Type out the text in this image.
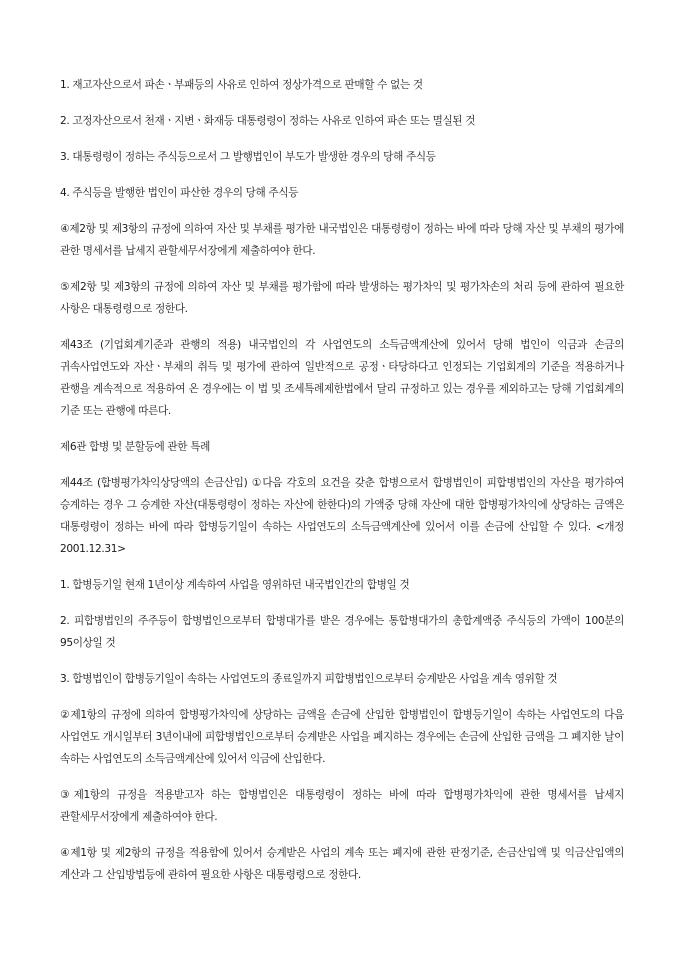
1. 재고자산으로서 파손ㆍ부패등의 사유로 인하여 정상가격으로 판매할 수 없는 것

2. 고정자산으로서 천재ㆍ지변ㆍ화재등 대통령령이 정하는 사유로 인하여 파손 또는 멸실된 것

3. 대통령령이 정하는 주식등으로서 그 발행법인이 부도가 발생한 경우의 당해 주식등

4. 주식등을 발행한 법인이 파산한 경우의 당해 주식등

④제2항 및 제3항의 규정에 의하여 자산 및 부채를 평가한 내국법인은 대통령령이 정하는 바에 따라 당해 자산 및 부채의 평가에 관한 명세서를 납세지 관할세무서장에게 제출하여야 한다.

⑤제2항 및 제3항의 규정에 의하여 자산 및 부채를 평가함에 따라 발생하는 평가차익 및 평가차손의 처리 등에 관하여 필요한 사항은 대통령령으로 정한다.

제43조 (기업회계기준과 관행의 적용) 내국법인의 각 사업연도의 소득금액계산에 있어서 당해 법인이 익금과 손금의 귀속사업연도와 자산ㆍ부채의 취득 및 평가에 관하여 일반적으로 공정ㆍ타당하다고 인정되는 기업회계의 기준을 적용하거나 관행을 계속적으로 적용하여 온 경우에는 이 법 및 조세특례제한법에서 달리 규정하고 있는 경우를 제외하고는 당해 기업회계의 기준 또는 관행에 따른다.

제6관 합병 및 분할등에 관한 특례

제44조 (합병평가차익상당액의 손금산입) ①다음 각호의 요건을 갖춘 합병으로서 합병법인이 피합병법인의 자산을 평가하여 승계하는 경우 그 승계한 자산(대통령령이 정하는 자산에 한한다)의 가액중 당해 자산에 대한 합병평가차익에 상당하는 금액은 대통령령이 정하는 바에 따라 합병등기일이 속하는 사업연도의 소득금액계산에 있어서 이를 손금에 산입할 수 있다. <개정 2001.12.31>

1. 합병등기일 현재 1년이상 계속하여 사업을 영위하던 내국법인간의 합병일 것

2. 피합병법인의 주주등이 합병법인으로부터 합병대가를 받은 경우에는 통합병대가의 총합계액중 주식등의 가액이 100분의 95이상일 것

3. 합병법인이 합병등기일이 속하는 사업연도의 종료일까지 피합병법인으로부터 승계받은 사업을 계속 영위할 것

②제1항의 규정에 의하여 합병평가차익에 상당하는 금액을 손금에 산입한 합병법인이 합병등기일이 속하는 사업연도의 다음 사업연도 개시일부터 3년이내에 피합병법인으로부터 승계받은 사업을 폐지하는 경우에는 손금에 산입한 금액을 그 폐지한 날이 속하는 사업연도의 소득금액계산에 있어서 익금에 산입한다.

③제1항의 규정을 적용받고자 하는 합병법인은 대통령령이 정하는 바에 따라 합병평가차익에 관한 명세서를 납세지 관할세무서장에게 제출하여야 한다.

④제1항 및 제2항의 규정을 적용함에 있어서 승계받은 사업의 계속 또는 폐지에 관한 판정기준, 손금산입액 및 익금산입액의 계산과 그 산입방법등에 관하여 필요한 사항은 대통령령으로 정한다.
